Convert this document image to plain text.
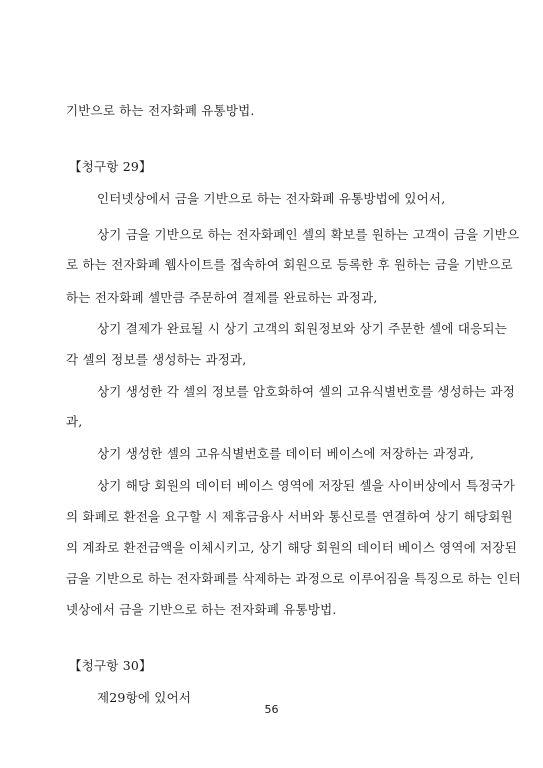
기반으로 하는 전자화폐 유통방법.
【청구항 29】
인터넷상에서 금을 기반으로 하는 전자화폐 유통방법에 있어서,
상기 금을 기반으로 하는 전자화폐인 셀의 확보를 원하는 고객이 금을 기반으
로 하는 전자화폐 웹사이트를 접속하여 회원으로 등록한 후 원하는 금을 기반으로
하는 전자화폐 셀만큼 주문하여 결제를 완료하는 과정과,
상기 결제가 완료될 시 상기 고객의 회원정보와 상기 주문한 셀에 대응되는
각 셀의 정보를 생성하는 과정과,
상기 생성한 각 셀의 정보를 암호화하여 셀의 고유식별번호를 생성하는 과정
과,
상기 생성한 셀의 고유식별번호를 데이터 베이스에 저장하는 과정과,
상기 해당 회원의 데이터 베이스 영역에 저장된 셀을 사이버상에서 특정국가
의 화폐로 환전을 요구할 시 제휴금융사 서버와 통신로를 연결하여 상기 해당회원
의 계좌로 환전금액을 이체시키고, 상기 해당 회원의 데이터 베이스 영역에 저장된
금을 기반으로 하는 전자화폐를 삭제하는 과정으로 이루어짐을 특징으로 하는 인터
넷상에서 금을 기반으로 하는 전자화폐 유통방법.
【청구항 30】
제29항에 있어서
56
